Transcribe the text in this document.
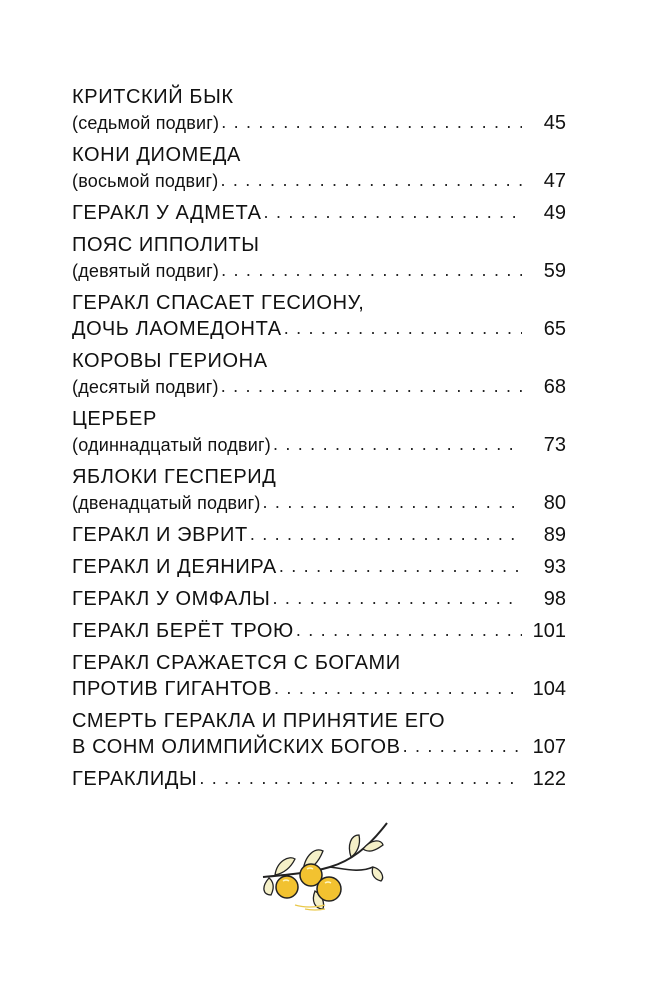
КРИТСКИЙ БЫК
(седьмой подвиг) . . .	45
КОНИ ДИОМЕДА
(восьмой подвиг) . . .	47
ГЕРАКЛ У АДМЕТА . . .	49
ПОЯС ИППОЛИТЫ
(девятый подвиг) . . .	59
ГЕРАКЛ СПАСАЕТ ГЕСИОНУ,
ДОЧЬ ЛАОМЕДОНТА . . .	65
КОРОВЫ ГЕРИОНА
(десятый подвиг) . . .	68
ЦЕРБЕР
(одиннадцатый подвиг) . . .	73
ЯБЛОКИ ГЕСПЕРИД
(двенадцатый подвиг) . . .	80
ГЕРАКЛ И ЭВРИТ . . .	89
ГЕРАКЛ И ДЕЯНИРА . . .	93
ГЕРАКЛ У ОМФАЛЫ . . .	98
ГЕРАКЛ БЕРЁТ ТРОЮ . . .	101
ГЕРАКЛ СРАЖАЕТСЯ С БОГАМИ
ПРОТИВ ГИГАНТОВ . . .	104
СМЕРТЬ ГЕРАКЛА И ПРИНЯТИЕ ЕГО
В СОНМ ОЛИМПИЙСКИХ БОГОВ . . .	107
ГЕРАКЛИДЫ . . .	122
